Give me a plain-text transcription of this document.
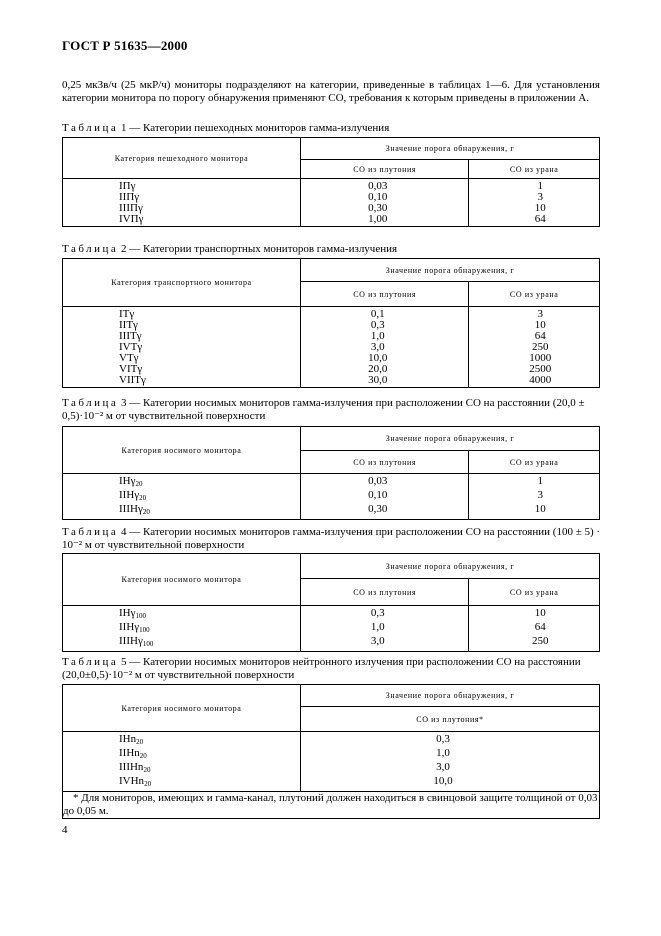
ГОСТ Р 51635—2000

0,25 мкЗв/ч (25 мкР/ч) мониторы подразделяют на категории, приведенные в таблицах 1—6. Для установления категории монитора по порогу обнаружения применяют СО, требования к которым приведены в приложении А.

Таблица 1 — Категории пешеходных мониторов гамма-излучения

Категория пешеходного монитора	Значение порога обнаружения, г	
	СО из плутония	СО из урана
IПγ	0,03	1
IIПγ	0,10	3
IIIПγ	0,30	10
IVПγ	1,00	64

Таблица 2 — Категории транспортных мониторов гамма-излучения

Категория транспортного монитора	Значение порога обнаружения, г	
	СО из плутония	СО из урана
IТγ	0,1	3
IIТγ	0,3	10
IIIТγ	1,0	64
IVТγ	3,0	250
VТγ	10,0	1000
VIТγ	20,0	2500
VIIТγ	30,0	4000

Таблица 3 — Категории носимых мониторов гамма-излучения при расположении СО на расстоянии (20,0 ± 0,5)·10⁻² м от чувствительной поверхности

Категория носимого монитора	Значение порога обнаружения, г	
	СО из плутония	СО из урана
IНγ$_{20}$	0,03	1
IIНγ$_{20}$	0,10	3
IIIНγ$_{20}$	0,30	10

Таблица 4 — Категории носимых мониторов гамма-излучения при расположении СО на расстоянии (100 ± 5) · 10⁻² м от чувствительной поверхности

Категория носимого монитора	Значение порога обнаружения, г	
	СО из плутония	СО из урана
IНγ$_{100}$	0,3	10
IIНγ$_{100}$	1,0	64
IIIНγ$_{100}$	3,0	250

Таблица 5 — Категории носимых мониторов нейтронного излучения при расположении СО на расстоянии (20,0±0,5)·10⁻² м от чувствительной поверхности

Категория носимого монитора	Значение порога обнаружения, г
	СО из плутония*
IНn$_{20}$	0,3
IIНn$_{20}$	1,0
IIIНn$_{20}$	3,0
IVНn$_{20}$	10,0
* Для мониторов, имеющих и гамма-канал, плутоний должен находиться в свинцовой защите толщиной от 0,03 до 0,05 м.	
4
